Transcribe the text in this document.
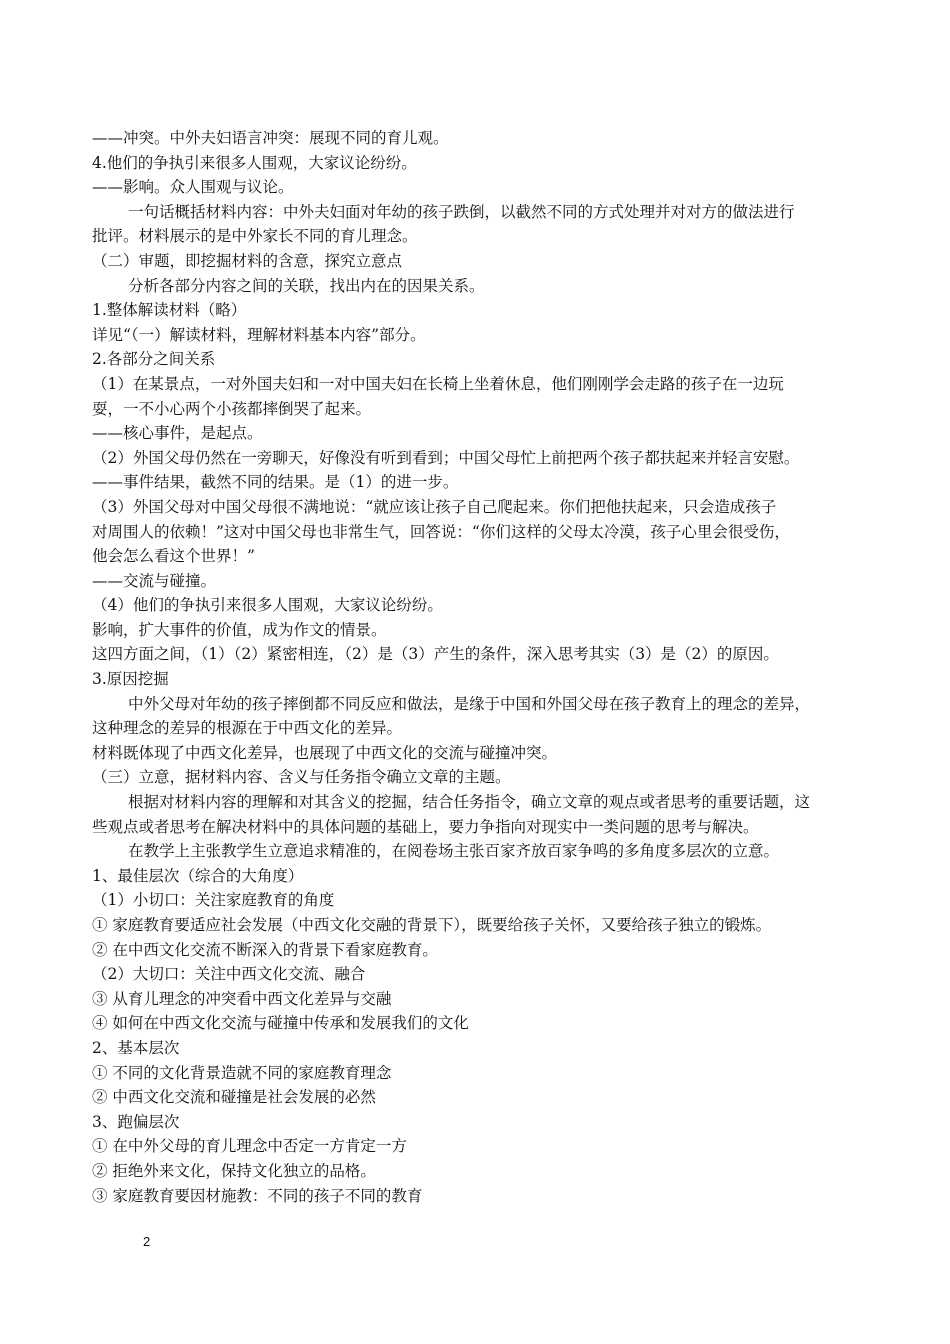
——冲突。中外夫妇语言冲突：展现不同的育儿观。
4.他们的争执引来很多人围观，大家议论纷纷。
——影响。众人围观与议论。
一句话概括材料内容：中外夫妇面对年幼的孩子跌倒，以截然不同的方式处理并对对方的做法进行
批评。材料展示的是中外家长不同的育儿理念。
（二）审题，即挖掘材料的含意，探究立意点
分析各部分内容之间的关联，找出内在的因果关系。
1.整体解读材料（略）
详见“（一）解读材料，理解材料基本内容”部分。
2.各部分之间关系
（1）在某景点，一对外国夫妇和一对中国夫妇在长椅上坐着休息，他们刚刚学会走路的孩子在一边玩
耍，一不小心两个小孩都摔倒哭了起来。
——核心事件，是起点。
（2）外国父母仍然在一旁聊天，好像没有听到看到；中国父母忙上前把两个孩子都扶起来并轻言安慰。
——事件结果，截然不同的结果。是（1）的进一步。
（3）外国父母对中国父母很不满地说：“就应该让孩子自己爬起来。你们把他扶起来，只会造成孩子
对周围人的依赖！”这对中国父母也非常生气，回答说：“你们这样的父母太冷漠，孩子心里会很受伤，
他会怎么看这个世界！”
——交流与碰撞。
（4）他们的争执引来很多人围观，大家议论纷纷。
影响，扩大事件的价值，成为作文的情景。
这四方面之间，（1）（2）紧密相连，（2）是（3）产生的条件，深入思考其实（3）是（2）的原因。
3.原因挖掘
中外父母对年幼的孩子摔倒都不同反应和做法，是缘于中国和外国父母在孩子教育上的理念的差异，
这种理念的差异的根源在于中西文化的差异。
材料既体现了中西文化差异，也展现了中西文化的交流与碰撞冲突。
（三）立意，据材料内容、含义与任务指令确立文章的主题。
根据对材料内容的理解和对其含义的挖掘，结合任务指令，确立文章的观点或者思考的重要话题，这
些观点或者思考在解决材料中的具体问题的基础上，要力争指向对现实中一类问题的思考与解决。
在教学上主张教学生立意追求精准的，在阅卷场主张百家齐放百家争鸣的多角度多层次的立意。
1、最佳层次（综合的大角度）
（1）小切口：关注家庭教育的角度
① 家庭教育要适应社会发展（中西文化交融的背景下），既要给孩子关怀，又要给孩子独立的锻炼。
② 在中西文化交流不断深入的背景下看家庭教育。
（2）大切口：关注中西文化交流、融合
③ 从育儿理念的冲突看中西文化差异与交融
④ 如何在中西文化交流与碰撞中传承和发展我们的文化
2、基本层次
① 不同的文化背景造就不同的家庭教育理念
② 中西文化交流和碰撞是社会发展的必然
3、跑偏层次
① 在中外父母的育儿理念中否定一方肯定一方
② 拒绝外来文化，保持文化独立的品格。
③ 家庭教育要因材施教：不同的孩子不同的教育
2
